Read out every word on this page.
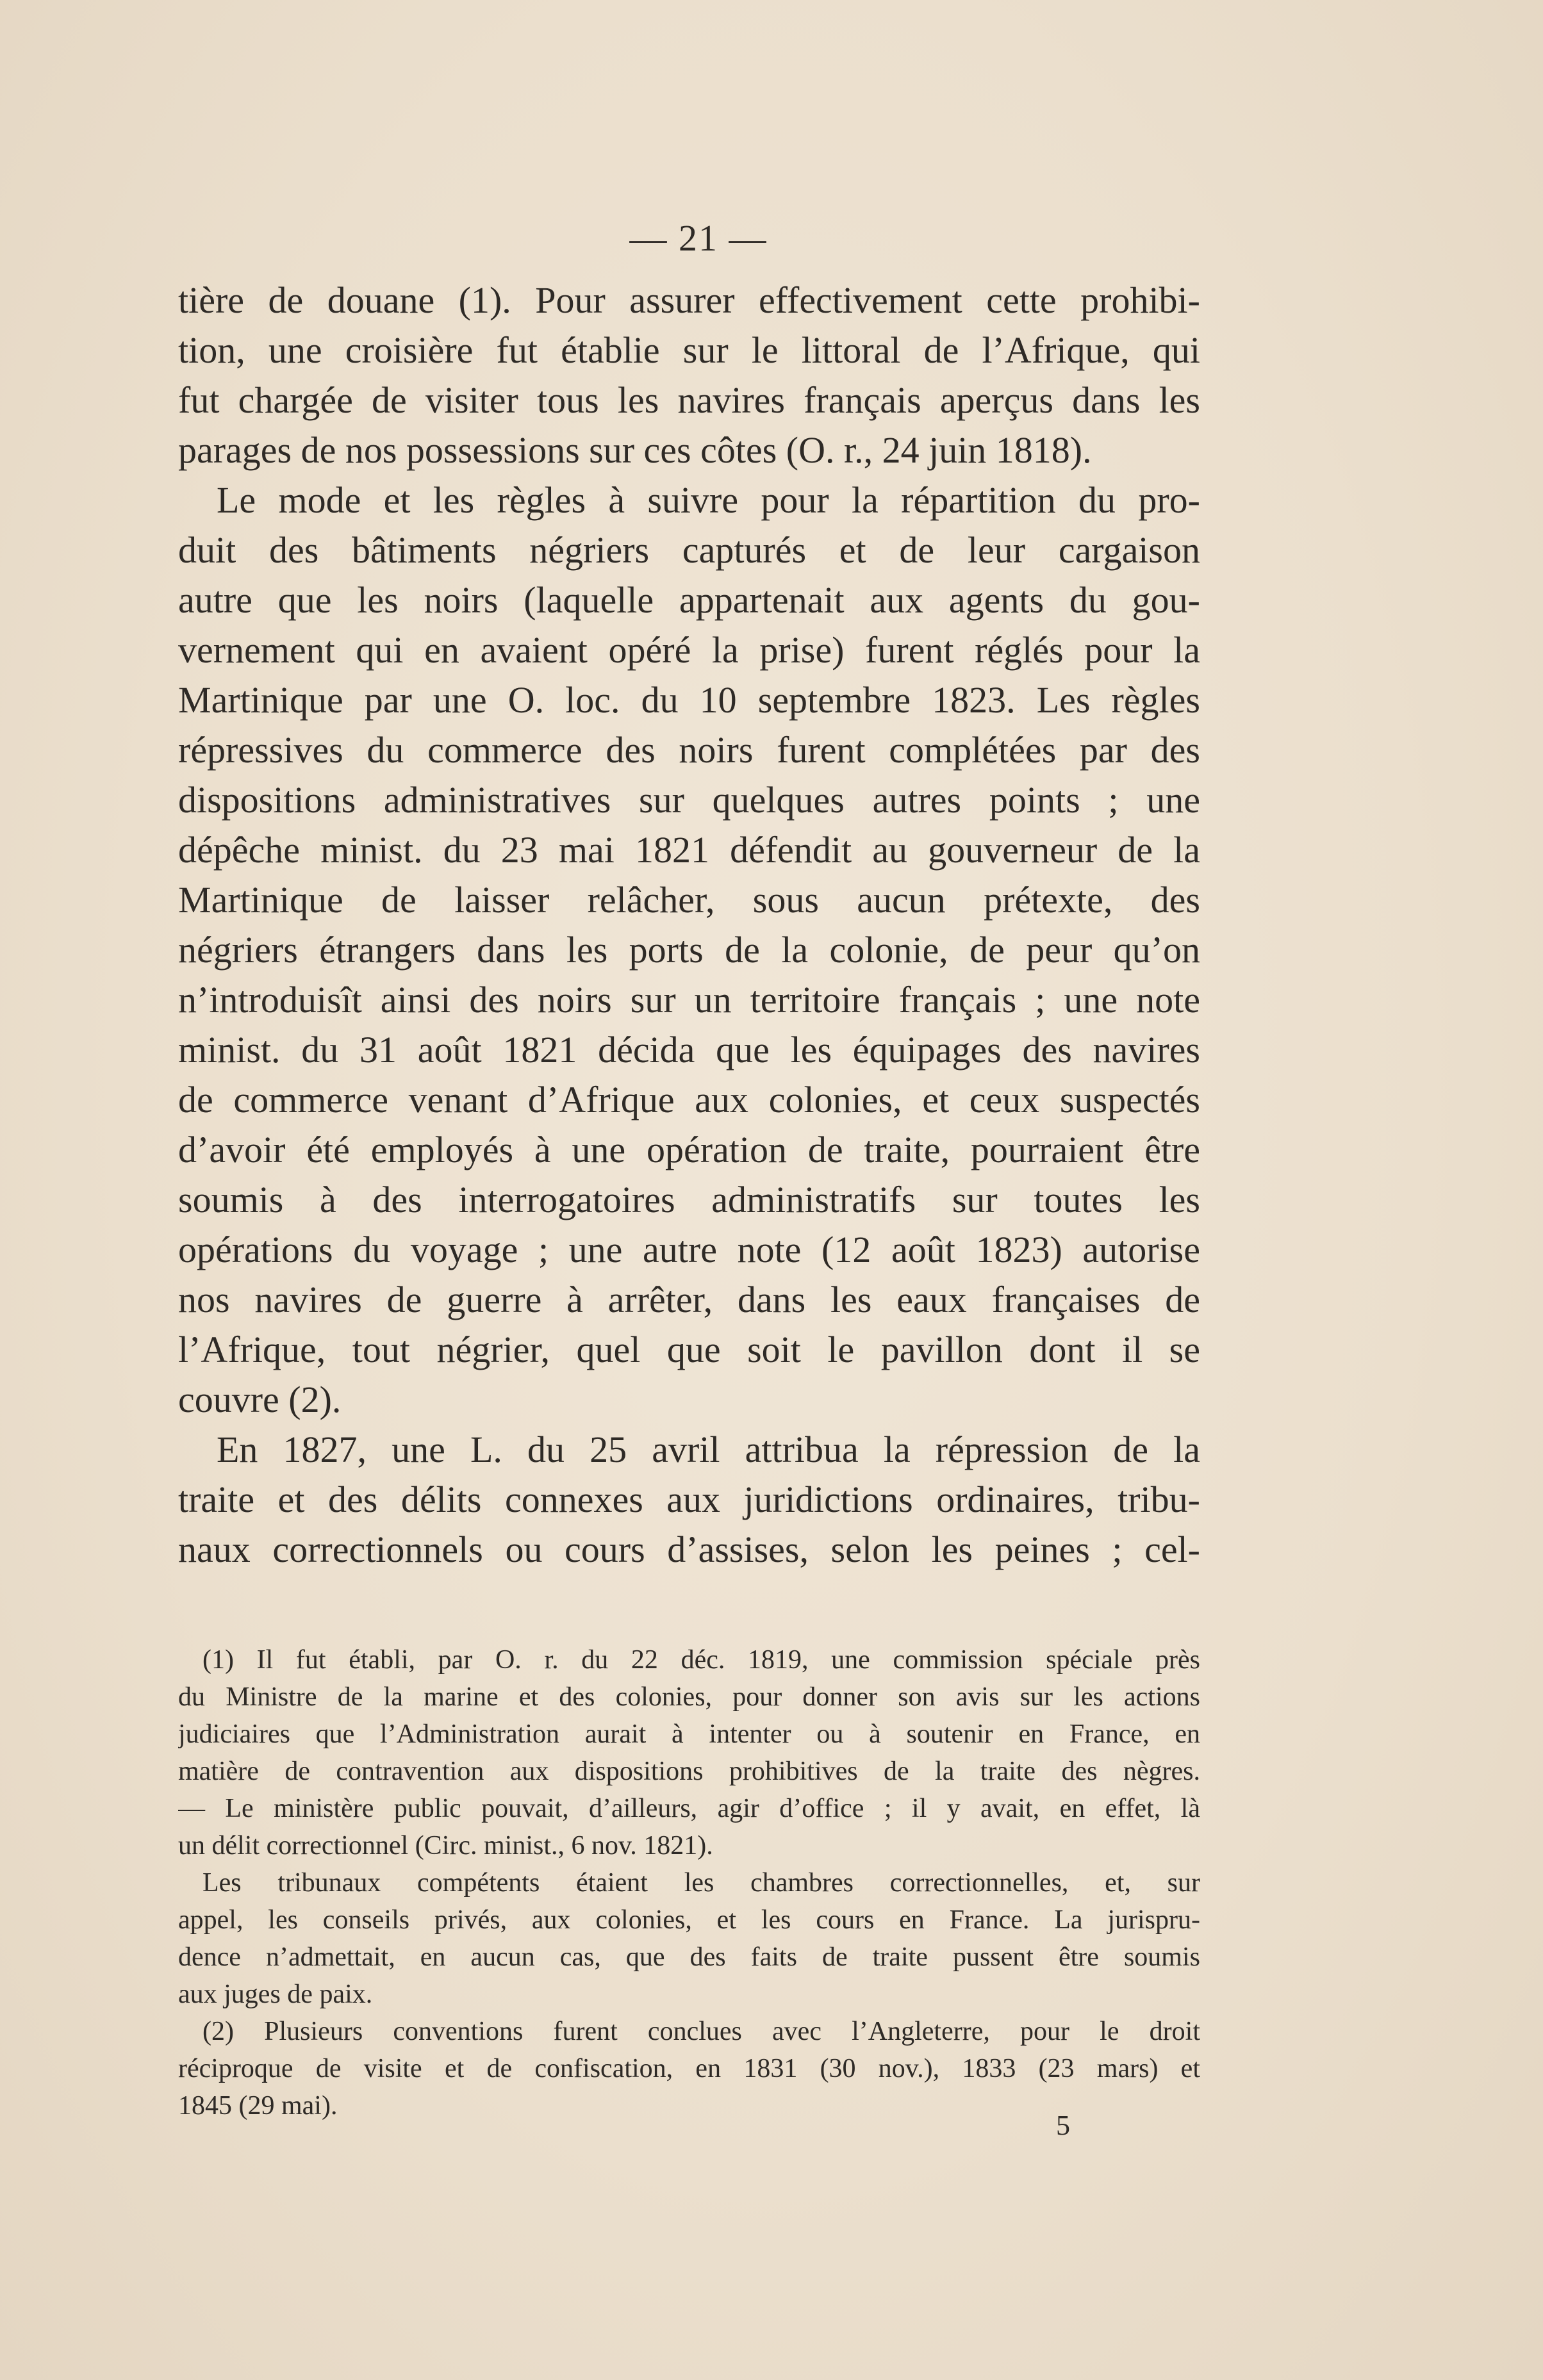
— 21 —
tière de douane (1). Pour assurer effectivement cette prohibi-
tion, une croisière fut établie sur le littoral de l’Afrique, qui
fut chargée de visiter tous les navires français aperçus dans les
parages de nos possessions sur ces côtes (O. r., 24 juin 1818).
Le mode et les règles à suivre pour la répartition du pro-
duit des bâtiments négriers capturés et de leur cargaison
autre que les noirs (laquelle appartenait aux agents du gou-
vernement qui en avaient opéré la prise) furent réglés pour la
Martinique par une O. loc. du 10 septembre 1823. Les règles
répressives du commerce des noirs furent complétées par des
dispositions administratives sur quelques autres points ; une
dépêche minist. du 23 mai 1821 défendit au gouverneur de la
Martinique de laisser relâcher, sous aucun prétexte, des
négriers étrangers dans les ports de la colonie, de peur qu’on
n’introduisît ainsi des noirs sur un territoire français ; une note
minist. du 31 août 1821 décida que les équipages des navires
de commerce venant d’Afrique aux colonies, et ceux suspectés
d’avoir été employés à une opération de traite, pourraient être
soumis à des interrogatoires administratifs sur toutes les
opérations du voyage ; une autre note (12 août 1823) autorise
nos navires de guerre à arrêter, dans les eaux françaises de
l’Afrique, tout négrier, quel que soit le pavillon dont il se
couvre (2).
En 1827, une L. du 25 avril attribua la répression de la
traite et des délits connexes aux juridictions ordinaires, tribu-
naux correctionnels ou cours d’assises, selon les peines ; cel-
(1) Il fut établi, par O. r. du 22 déc. 1819, une commission spéciale près
du Ministre de la marine et des colonies, pour donner son avis sur les actions
judiciaires que l’Administration aurait à intenter ou à soutenir en France, en
matière de contravention aux dispositions prohibitives de la traite des nègres.
— Le ministère public pouvait, d’ailleurs, agir d’office ; il y avait, en effet, là
un délit correctionnel (Circ. minist., 6 nov. 1821).
Les tribunaux compétents étaient les chambres correctionnelles, et, sur
appel, les conseils privés, aux colonies, et les cours en France. La jurispru-
dence n’admettait, en aucun cas, que des faits de traite pussent être soumis
aux juges de paix.
(2) Plusieurs conventions furent conclues avec l’Angleterre, pour le droit
réciproque de visite et de confiscation, en 1831 (30 nov.), 1833 (23 mars) et
1845 (29 mai).
5
